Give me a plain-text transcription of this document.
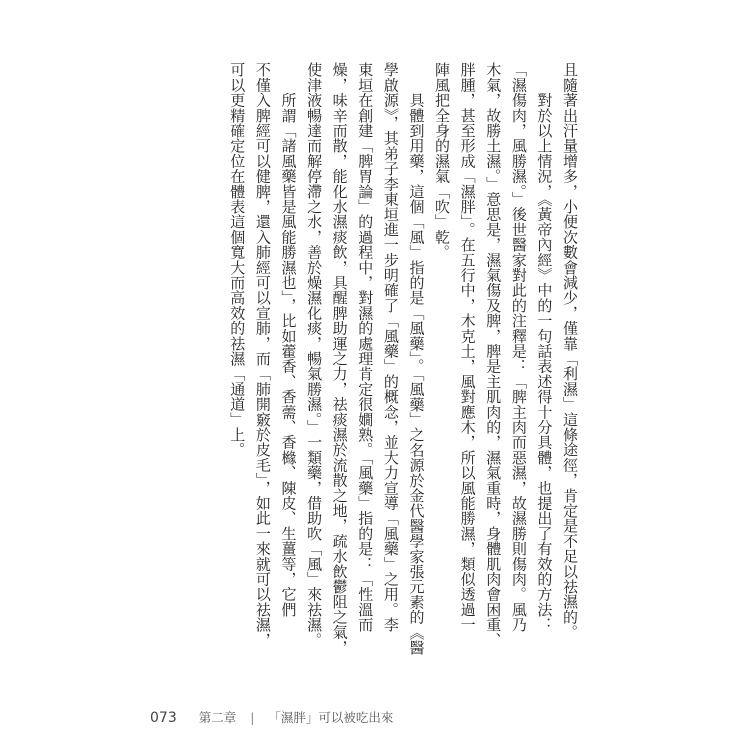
且隨著出汗量增多，小便次數會減少，僅靠「利濕」這條途徑，肯定是不足以祛濕的。

　　對於以上情況，《黃帝內經》中的一句話表述得十分具體，也提出了有效的方法：

「濕傷肉，風勝濕。」後世醫家對此的注釋是：「脾主肉而惡濕，故濕勝則傷肉。風乃

木氣，故勝土濕。」意思是，濕氣傷及脾，脾是主肌肉的，濕氣重時，身體肌肉會困重、

胖腫，甚至形成「濕胖」。在五行中，木克土，風對應木，所以風能勝濕，類似透過一

陣風把全身的濕氣「吹」乾。

　　具體到用藥，這個「風」指的是「風藥」。「風藥」之名源於金代醫學家張元素的《醫

學啟源》，其弟子李東垣進一步明確了「風藥」的概念，並大力宣導「風藥」之用。李

東垣在創建「脾胃論」的過程中，對濕的處理肯定很嫺熟。「風藥」指的是：「性溫而

燥，味辛而散，能化水濕痰飲，具醒脾助運之力，祛痰濕於流散之地，疏水飲鬱阻之氣，

使津液暢達而解停滯之水，善於燥濕化痰，暢氣勝濕。」一類藥，借助吹「風」來祛濕。

　　所謂「諸風藥皆是風能勝濕也」，比如藿香、香薷、香櫞、陳皮、生薑等，它們

不僅入脾經可以健脾，還入肺經可以宣肺，而「肺開竅於皮毛」，如此一來就可以祛濕，

可以更精確定位在體表這個寬大而高效的祛濕「通道」上。

073 第二章 | 「濕胖」可以被吃出來
